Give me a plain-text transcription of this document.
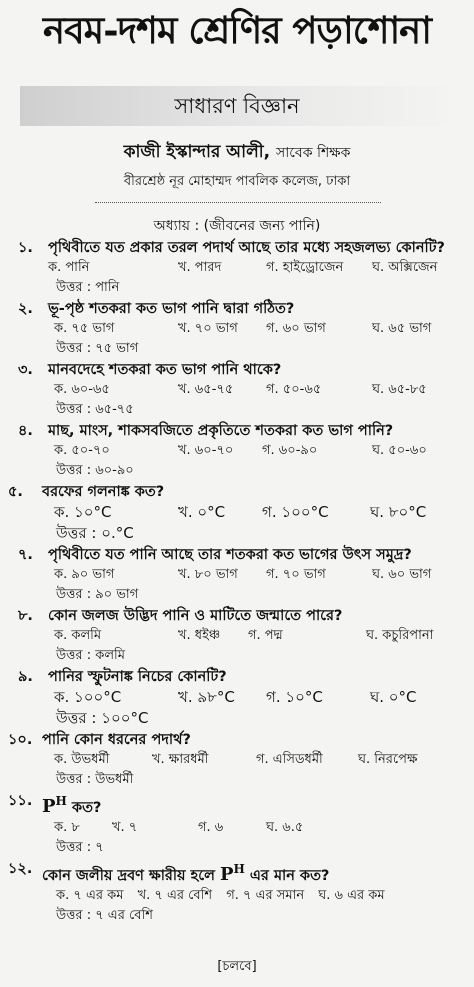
নবম-দশম শ্রেণির পড়াশোনা
সাধারণ বিজ্ঞান
কাজী ইস্কান্দার আলী, সাবেক শিক্ষক
বীরশ্রেষ্ঠ নূর মোহাম্মদ পাবলিক কলেজ, ঢাকা
অধ্যায় : (জীবনের জন্য পানি)
১. পৃথিবীতে যত প্রকার তরল পদার্থ আছে তার মধ্যে সহজলভ্য কোনটি?
ক. পানি	খ. পারদ	গ. হাইড্রোজেন ঘ. অক্সিজেন
উত্তর : পানি
২. ভূ-পৃষ্ঠ শতকরা কত ভাগ পানি দ্বারা গঠিত?
ক. ৭৫ ভাগ	খ. ৭০ ভাগ গ. ৬০ ভাগ	ঘ. ৬৫ ভাগ
উত্তর : ৭৫ ভাগ
৩. মানবদেহে শতকরা কত ভাগ পানি থাকে?
ক. ৬০-৬৫	খ. ৬৫-৭৫	গ. ৫০-৬৫	ঘ. ৬৫-৮৫
উত্তর : ৬৫-৭৫
৪. মাছ, মাংস, শাকসবজিতে প্রকৃতিতে শতকরা কত ভাগ পানি?
ক. ৫০-৭০	খ. ৬০-৭০ গ. ৬০-৯০	ঘ. ৫০-৬০
উত্তর : ৬০-৯০
৫. বরফের গলনাঙ্ক কত?
ক. ১০°C	খ. ০°C গ. ১০০°C	ঘ. ৮০°C
উত্তর : ০.°C
৭. পৃথিবীতে যত পানি আছে তার শতকরা কত ভাগের উৎস সমুদ্র?
ক. ৯০ ভাগ	খ. ৮০ ভাগ গ. ৭০ ভাগ	ঘ. ৬০ ভাগ
উত্তর : ৯০ ভাগ
৮. কোন জলজ উদ্ভিদ পানি ও মাটিতে জন্মাতে পারে?
ক. কলমি	খ. ধইঞ্চ গ. পদ্ম	ঘ. কচুরিপানা
উত্তর : কলমি
৯. পানির স্ফুটনাঙ্ক নিচের কোনটি?
ক. ১০০°C	খ. ৯৮°C গ. ১০°C	ঘ. ০°C
উত্তর : ১০০°C
১০. পানি কোন ধরনের পদার্থ?
ক. উভধর্মী	খ. ক্ষারধর্মী	গ. এসিডধর্মী	ঘ. নিরপেক্ষ
উত্তর : উভধর্মী
১১. $P^H$ কত?
ক. ৮ খ. ৭	গ. ৬	ঘ. ৬.৫
উত্তর : ৭
১২. কোন জলীয় দ্রবণ ক্ষারীয় হলে $P^H$ এর মান কত?
ক. ৭ এর কম খ. ৭ এর বেশি গ. ৭ এর সমান ঘ. ৬ এর কম
উত্তর : ৭ এর বেশি
[চলবে]
